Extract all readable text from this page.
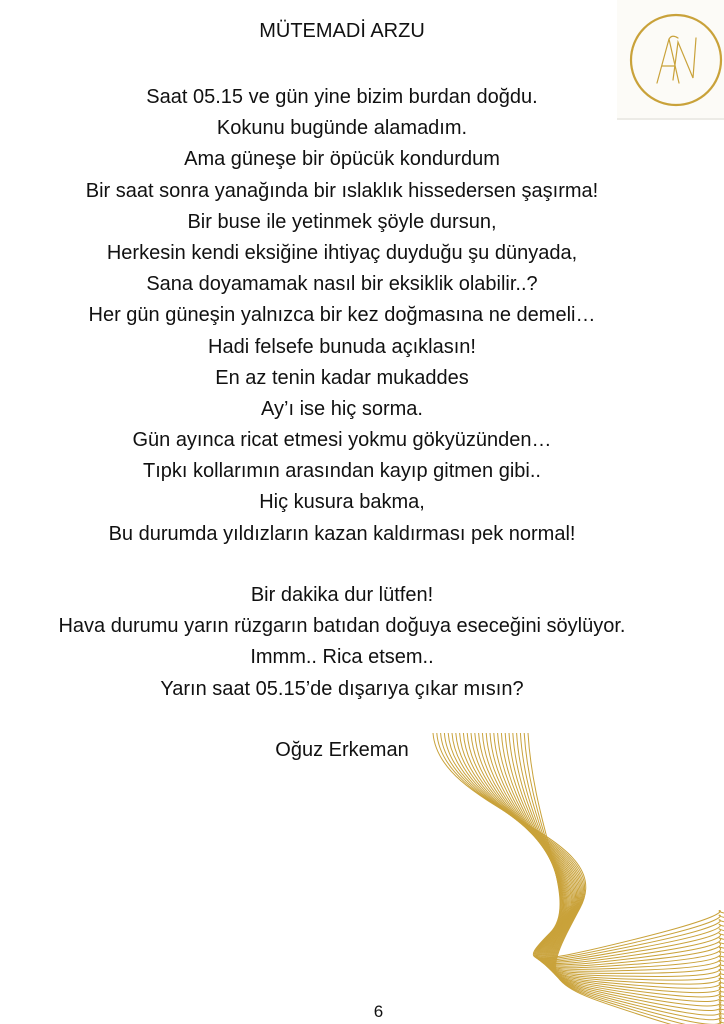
AN
MÜTEMADİ ARZU
Saat 05.15 ve gün yine bizim burdan doğdu.
Kokunu bugünde alamadım.
Ama güneşe bir öpücük kondurdum
Bir saat sonra yanağında bir ıslaklık hissedersen şaşırma!
Bir buse ile yetinmek şöyle dursun,
Herkesin kendi eksiğine ihtiyaç duyduğu şu dünyada,
Sana doyamamak nasıl bir eksiklik olabilir..?
Her gün güneşin yalnızca bir kez doğmasına ne demeli…
Hadi felsefe bunuda açıklasın!
En az tenin kadar mukaddes
Ay’ı ise hiç sorma.
Gün ayınca ricat etmesi yokmu gökyüzünden…
Tıpkı kollarımın arasından kayıp gitmen gibi..
Hiç kusura bakma,
Bu durumda yıldızların kazan kaldırması pek normal!
Bir dakika dur lütfen!
Hava durumu yarın rüzgarın batıdan doğuya eseceğini söylüyor.
Immm.. Rica etsem..
Yarın saat 05.15’de dışarıya çıkar mısın?
Oğuz Erkeman
6
